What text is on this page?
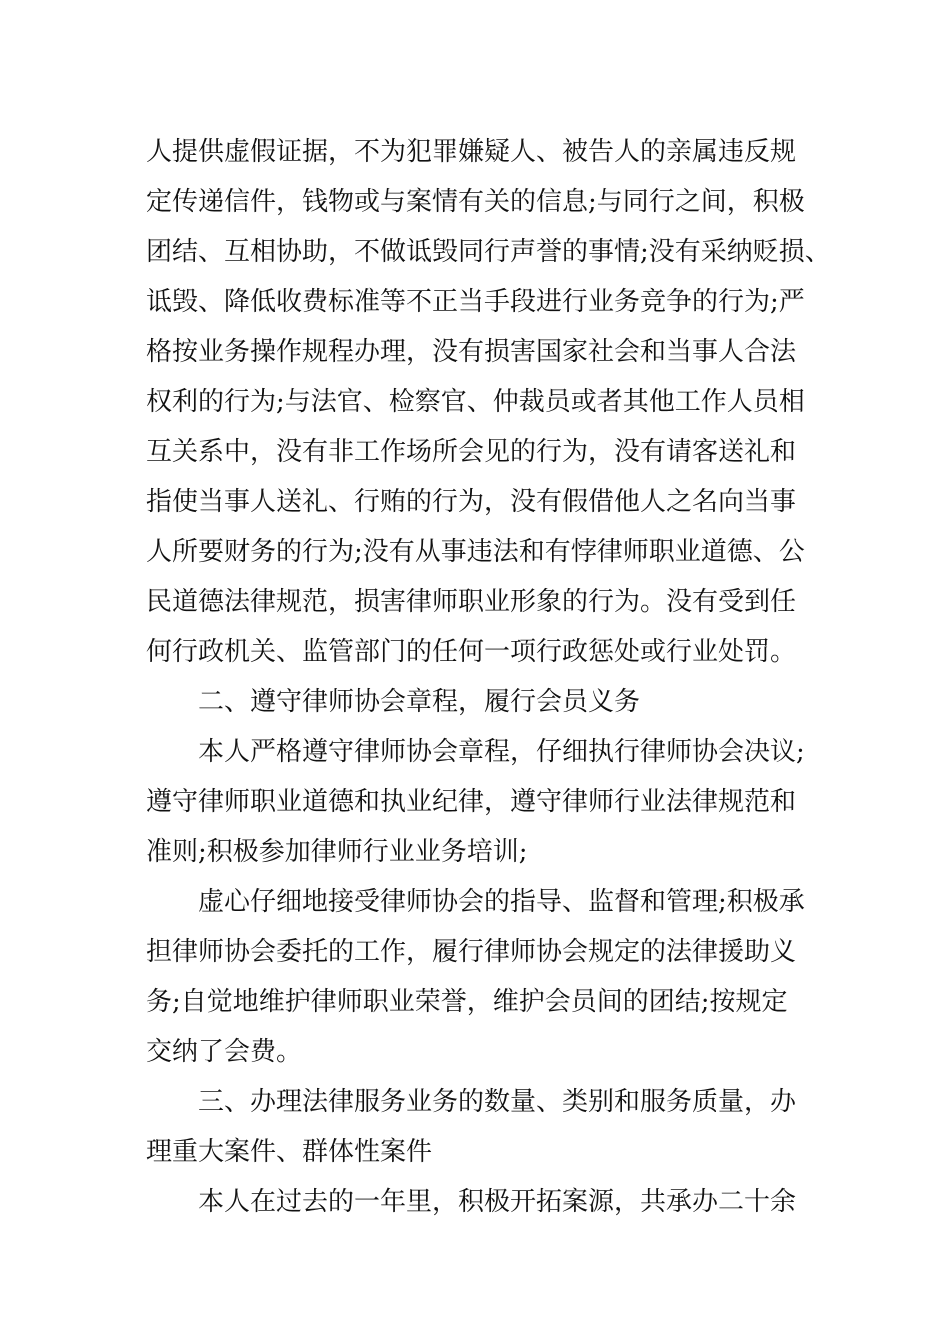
人提供虚假证据，不为犯罪嫌疑人、被告人的亲属违反规
定传递信件，钱物或与案情有关的信息;与同行之间，积极
团结、互相协助，不做诋毁同行声誉的事情;没有采纳贬损、
诋毁、降低收费标准等不正当手段进行业务竞争的行为;严
格按业务操作规程办理，没有损害国家社会和当事人合法
权利的行为;与法官、检察官、仲裁员或者其他工作人员相
互关系中，没有非工作场所会见的行为，没有请客送礼和
指使当事人送礼、行贿的行为，没有假借他人之名向当事
人所要财务的行为;没有从事违法和有悖律师职业道德、公
民道德法律规范，损害律师职业形象的行为。没有受到任
何行政机关、监管部门的任何一项行政惩处或行业处罚。
二、遵守律师协会章程，履行会员义务
本人严格遵守律师协会章程，仔细执行律师协会决议;
遵守律师职业道德和执业纪律，遵守律师行业法律规范和
准则;积极参加律师行业业务培训;
虚心仔细地接受律师协会的指导、监督和管理;积极承
担律师协会委托的工作，履行律师协会规定的法律援助义
务;自觉地维护律师职业荣誉，维护会员间的团结;按规定
交纳了会费。
三、办理法律服务业务的数量、类别和服务质量，办
理重大案件、群体性案件
本人在过去的一年里，积极开拓案源，共承办二十余
